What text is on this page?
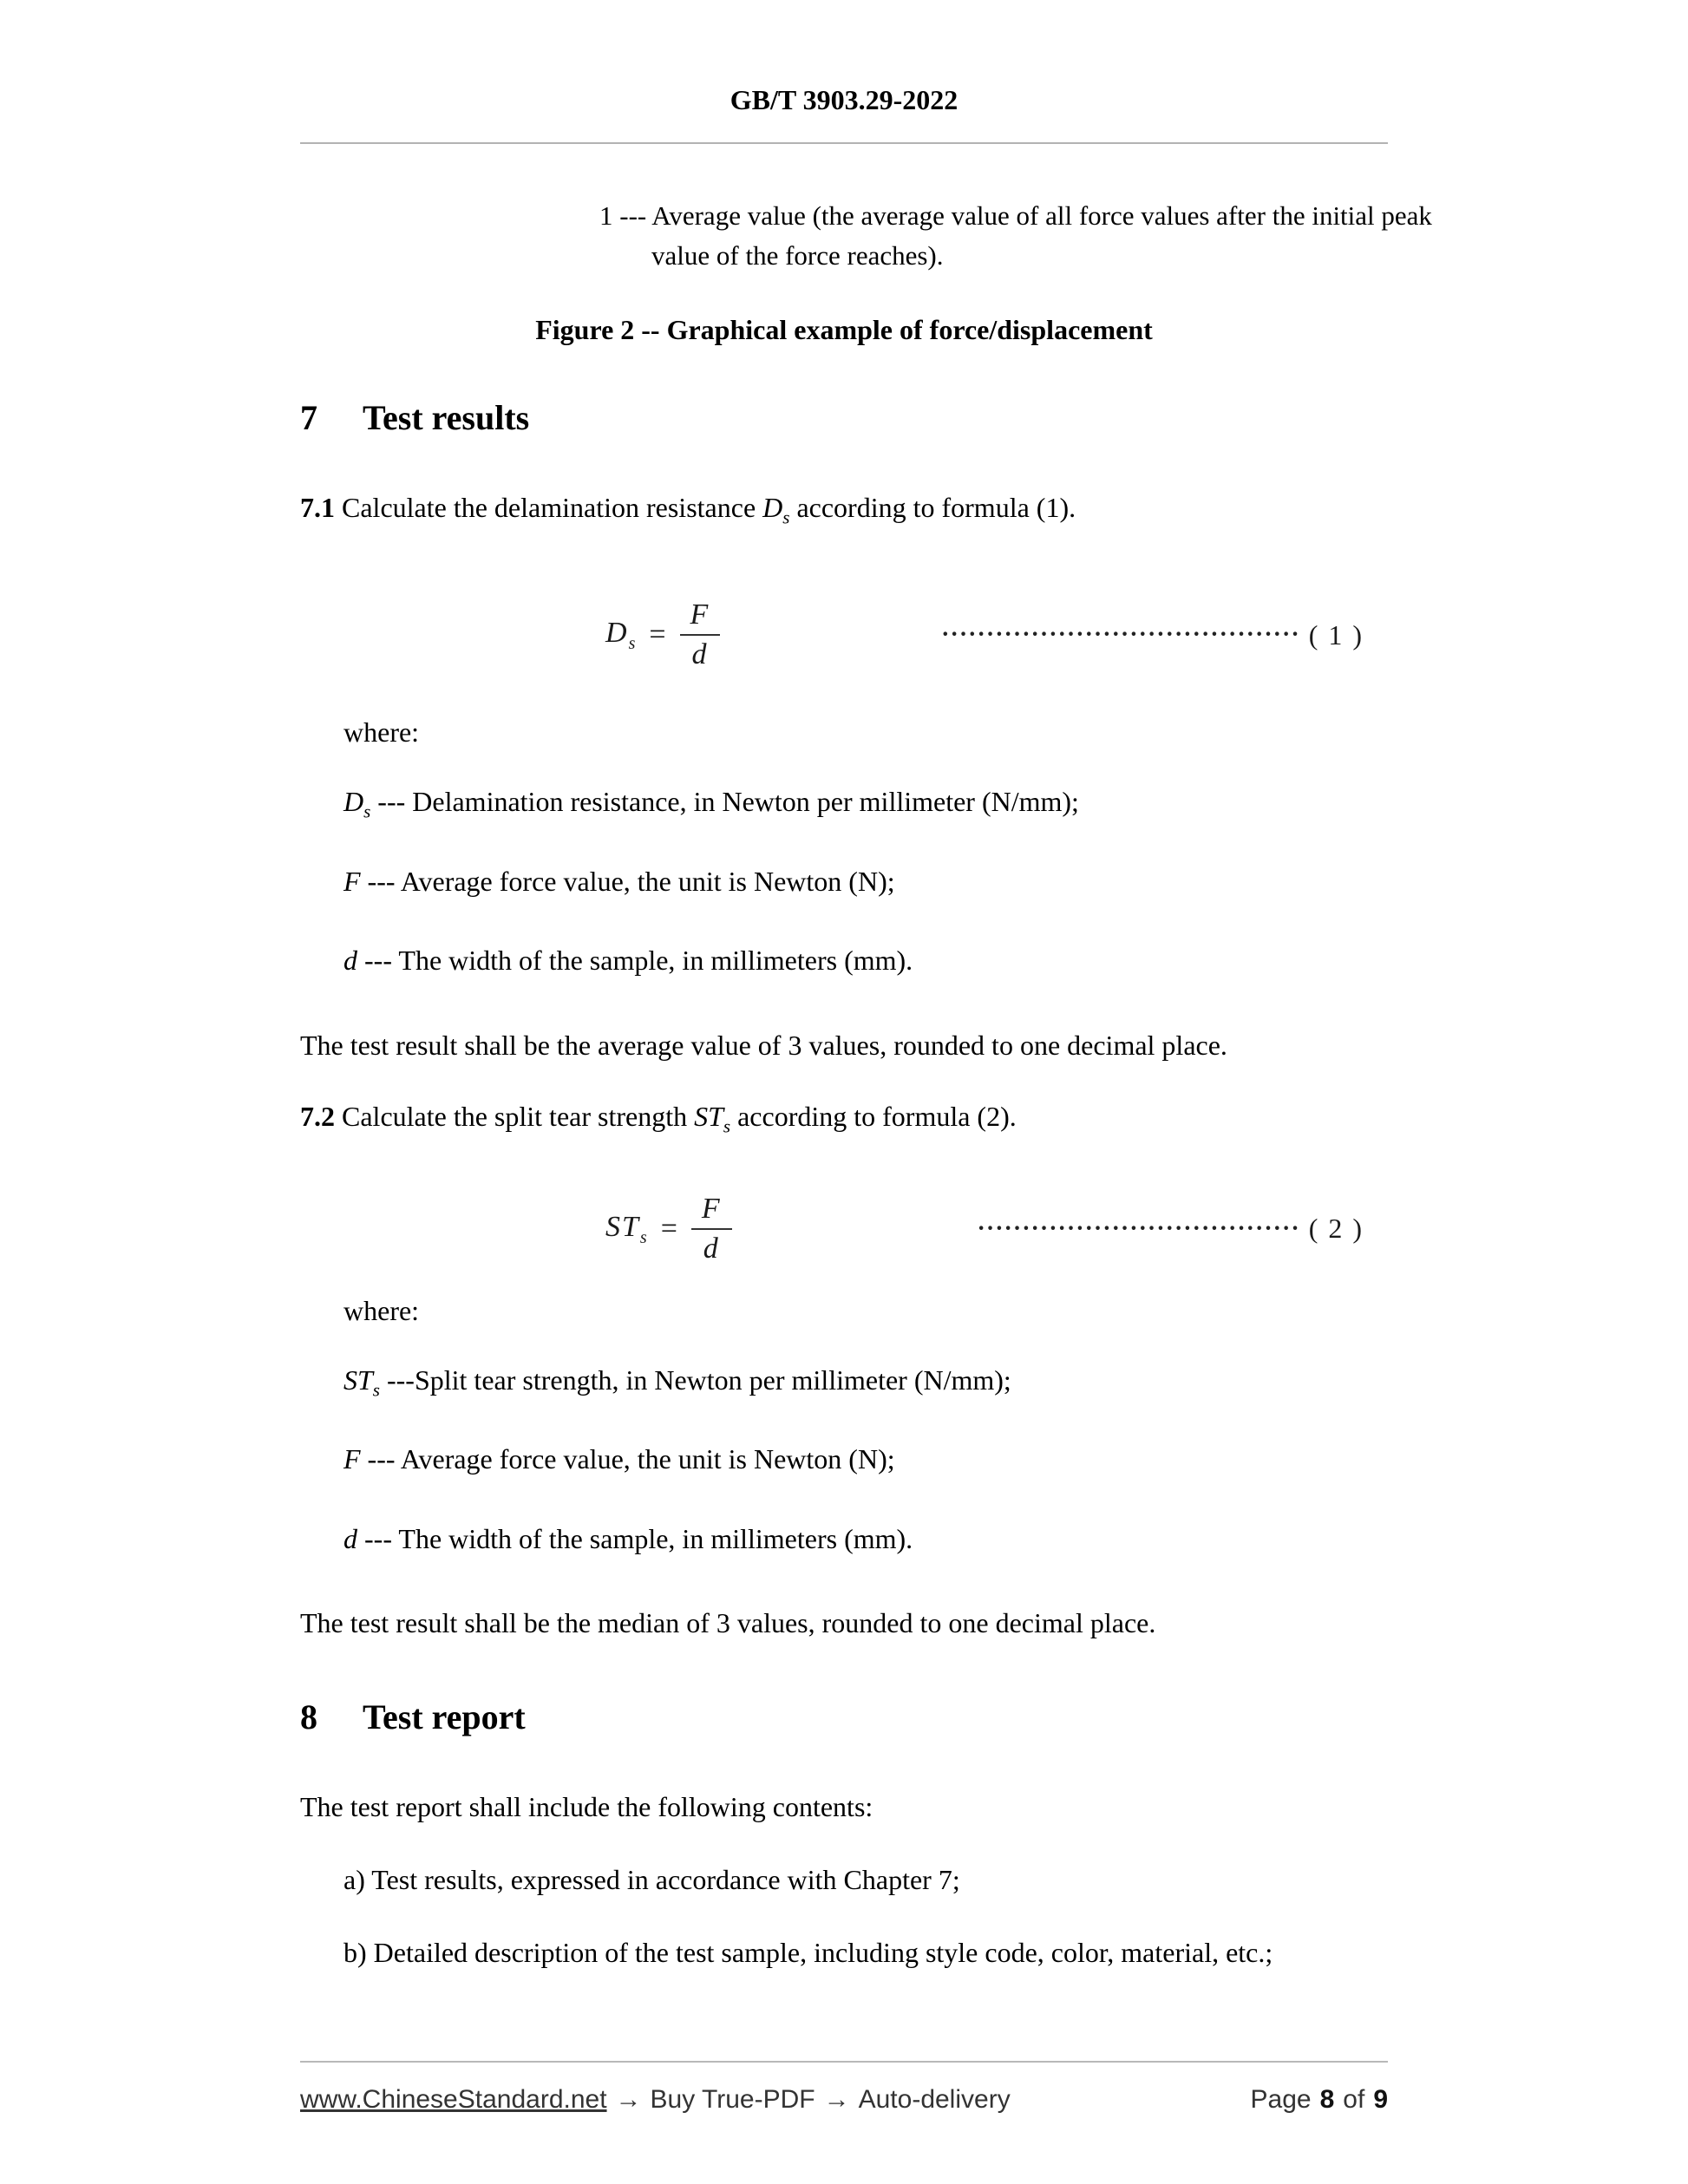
GB/T 3903.29-2022
1 --- Average value (the average value of all force values after the initial peak
value of the force reaches).
Figure 2 -- Graphical example of force/displacement
7 Test results

7.1 Calculate the delamination resistance $D_s$ according to formula (1).

$D_s = \frac{F}{d}$	········································ ( 1 )

where:

$D_s$ --- Delamination resistance, in Newton per millimeter (N/mm);

F --- Average force value, the unit is Newton (N);

d --- The width of the sample, in millimeters (mm).

The test result shall be the average value of 3 values, rounded to one decimal place.

7.2 Calculate the split tear strength $ST_s$ according to formula (2).

$ST_s = \frac{F}{d}$	···································· ( 2 )

where:

$ST_s$ ---Split tear strength, in Newton per millimeter (N/mm);

F --- Average force value, the unit is Newton (N);

d --- The width of the sample, in millimeters (mm).

The test result shall be the median of 3 values, rounded to one decimal place.

8 Test report

The test report shall include the following contents:

a) Test results, expressed in accordance with Chapter 7;

b) Detailed description of the test sample, including style code, color, material, etc.;

www.ChineseStandard.net → Buy True-PDF → Auto-delivery	Page 8 of 9
